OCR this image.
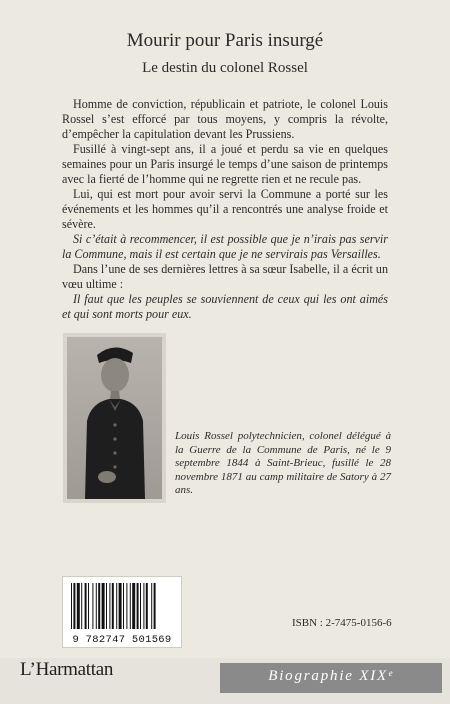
Mourir pour Paris insurgé
Le destin du colonel Rossel

Homme de conviction, républicain et patriote, le colonel Louis Rossel s’est efforcé par tous moyens, y compris la révolte, d’empêcher la capitulation devant les Prussiens.

Fusillé à vingt-sept ans, il a joué et perdu sa vie en quelques semaines pour un Paris insurgé le temps d’une saison de printemps avec la fierté de l’homme qui ne regrette rien et ne recule pas.

Lui, qui est mort pour avoir servi la Commune a porté sur les événements et les hommes qu’il a rencontrés une analyse froide et sévère.

Si c’était à recommencer, il est possible que je n’irais pas servir la Commune, mais il est certain que je ne servirais pas Versailles.

Dans l’une de ses dernières lettres à sa sœur Isabelle, il a écrit un vœu ultime :

Il faut que les peuples se souviennent de ceux qui les ont aimés et qui sont morts pour eux.

Louis Rossel polytechnicien, colonel délégué à la Guerre de la Commune de Paris, né le 9 septembre 1844 à Saint-Brieuc, fusillé le 28 novembre 1871 au camp militaire de Satory à 27 ans.
9 782747 501569
ISBN : 2-7475-0156-6
L’Harmattan	Biographie XIXᵉ
